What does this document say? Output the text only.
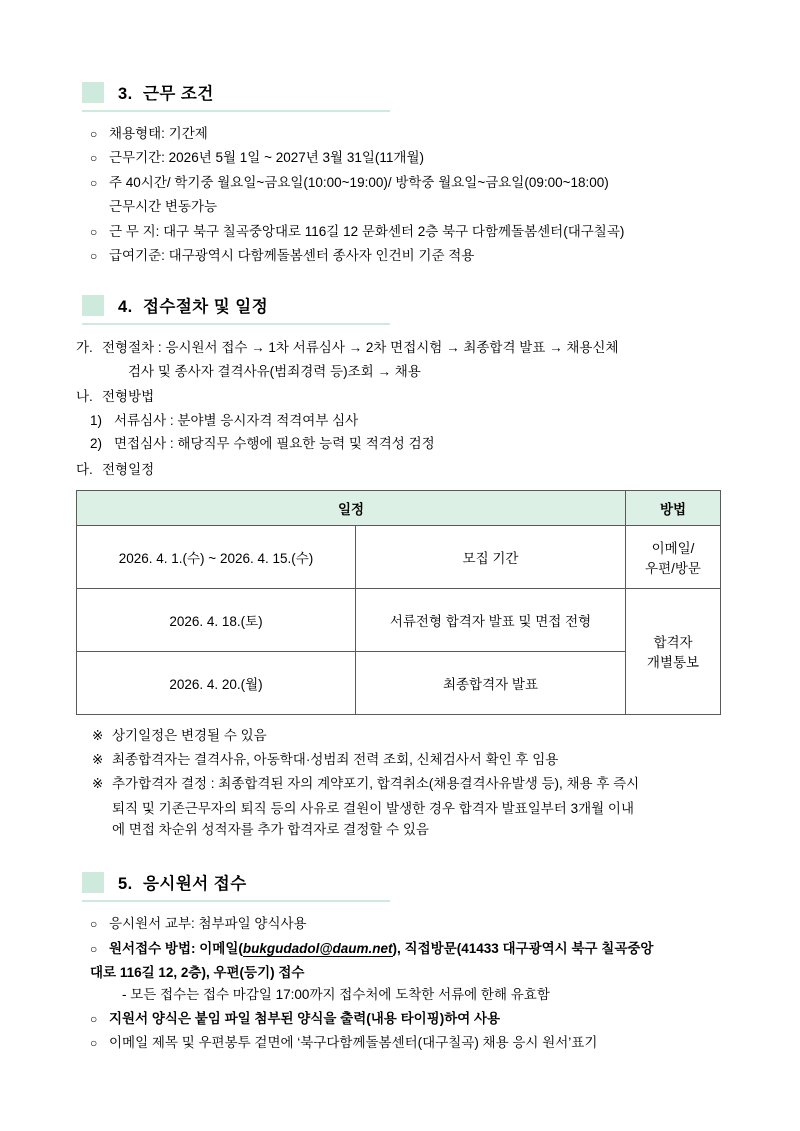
3. 근무 조건
○ 채용형태: 기간제
○ 근무기간: 2026년 5월 1일 ~ 2027년 3월 31일(11개월)
○ 주 40시간/ 학기중 월요일~금요일(10:00~19:00)/ 방학중 월요일~금요일(09:00~18:00)
근무시간 변동가능
○ 근 무 지: 대구 북구 칠곡중앙대로 116길 12 문화센터 2층 북구 다함께돌봄센터(대구칠곡)
○ 급여기준: 대구광역시 다함께돌봄센터 종사자 인건비 기준 적용
4. 접수절차 및 일정
가. 전형절차 : 응시원서 접수 → 1차 서류심사 → 2차 면접시험 → 최종합격 발표 → 채용신체
검사 및 종사자 결격사유(범죄경력 등)조회 → 채용
나. 전형방법
1) 서류심사 : 분야별 응시자격 적격여부 심사
2) 면접심사 : 해당직무 수행에 필요한 능력 및 적격성 검정
다. 전형일정
일정		방법
2026. 4. 1.(수) ~ 2026. 4. 15.(수)	모집 기간	이메일/
우편/방문

2026. 4. 18.(토)	서류전형 합격자 발표 및 면접 전형	합격자
개별통보

2026. 4. 20.(월)	최종합격자 발표	
※ 상기일정은 변경될 수 있음
※ 최종합격자는 결격사유, 아동학대·성범죄 전력 조회, 신체검사서 확인 후 임용
※ 추가합격자 결정 : 최종합격된 자의 계약포기, 합격취소(채용결격사유발생 등), 채용 후 즉시
퇴직 및 기존근무자의 퇴직 등의 사유로 결원이 발생한 경우 합격자 발표일부터 3개월 이내
에 면접 차순위 성적자를 추가 합격자로 결정할 수 있음
5. 응시원서 접수
○ 응시원서 교부: 첨부파일 양식사용
○ 원서접수 방법: 이메일(bukgudadol@daum.net), 직접방문(41433 대구광역시 북구 칠곡중앙
대로 116길 12, 2층), 우편(등기) 접수
- 모든 접수는 접수 마감일 17:00까지 접수처에 도착한 서류에 한해 유효함
○ 지원서 양식은 붙임 파일 첨부된 양식을 출력(내용 타이핑)하여 사용
○ 이메일 제목 및 우편봉투 겉면에 ‘북구다함께돌봄센터(대구칠곡) 채용 응시 원서’표기
